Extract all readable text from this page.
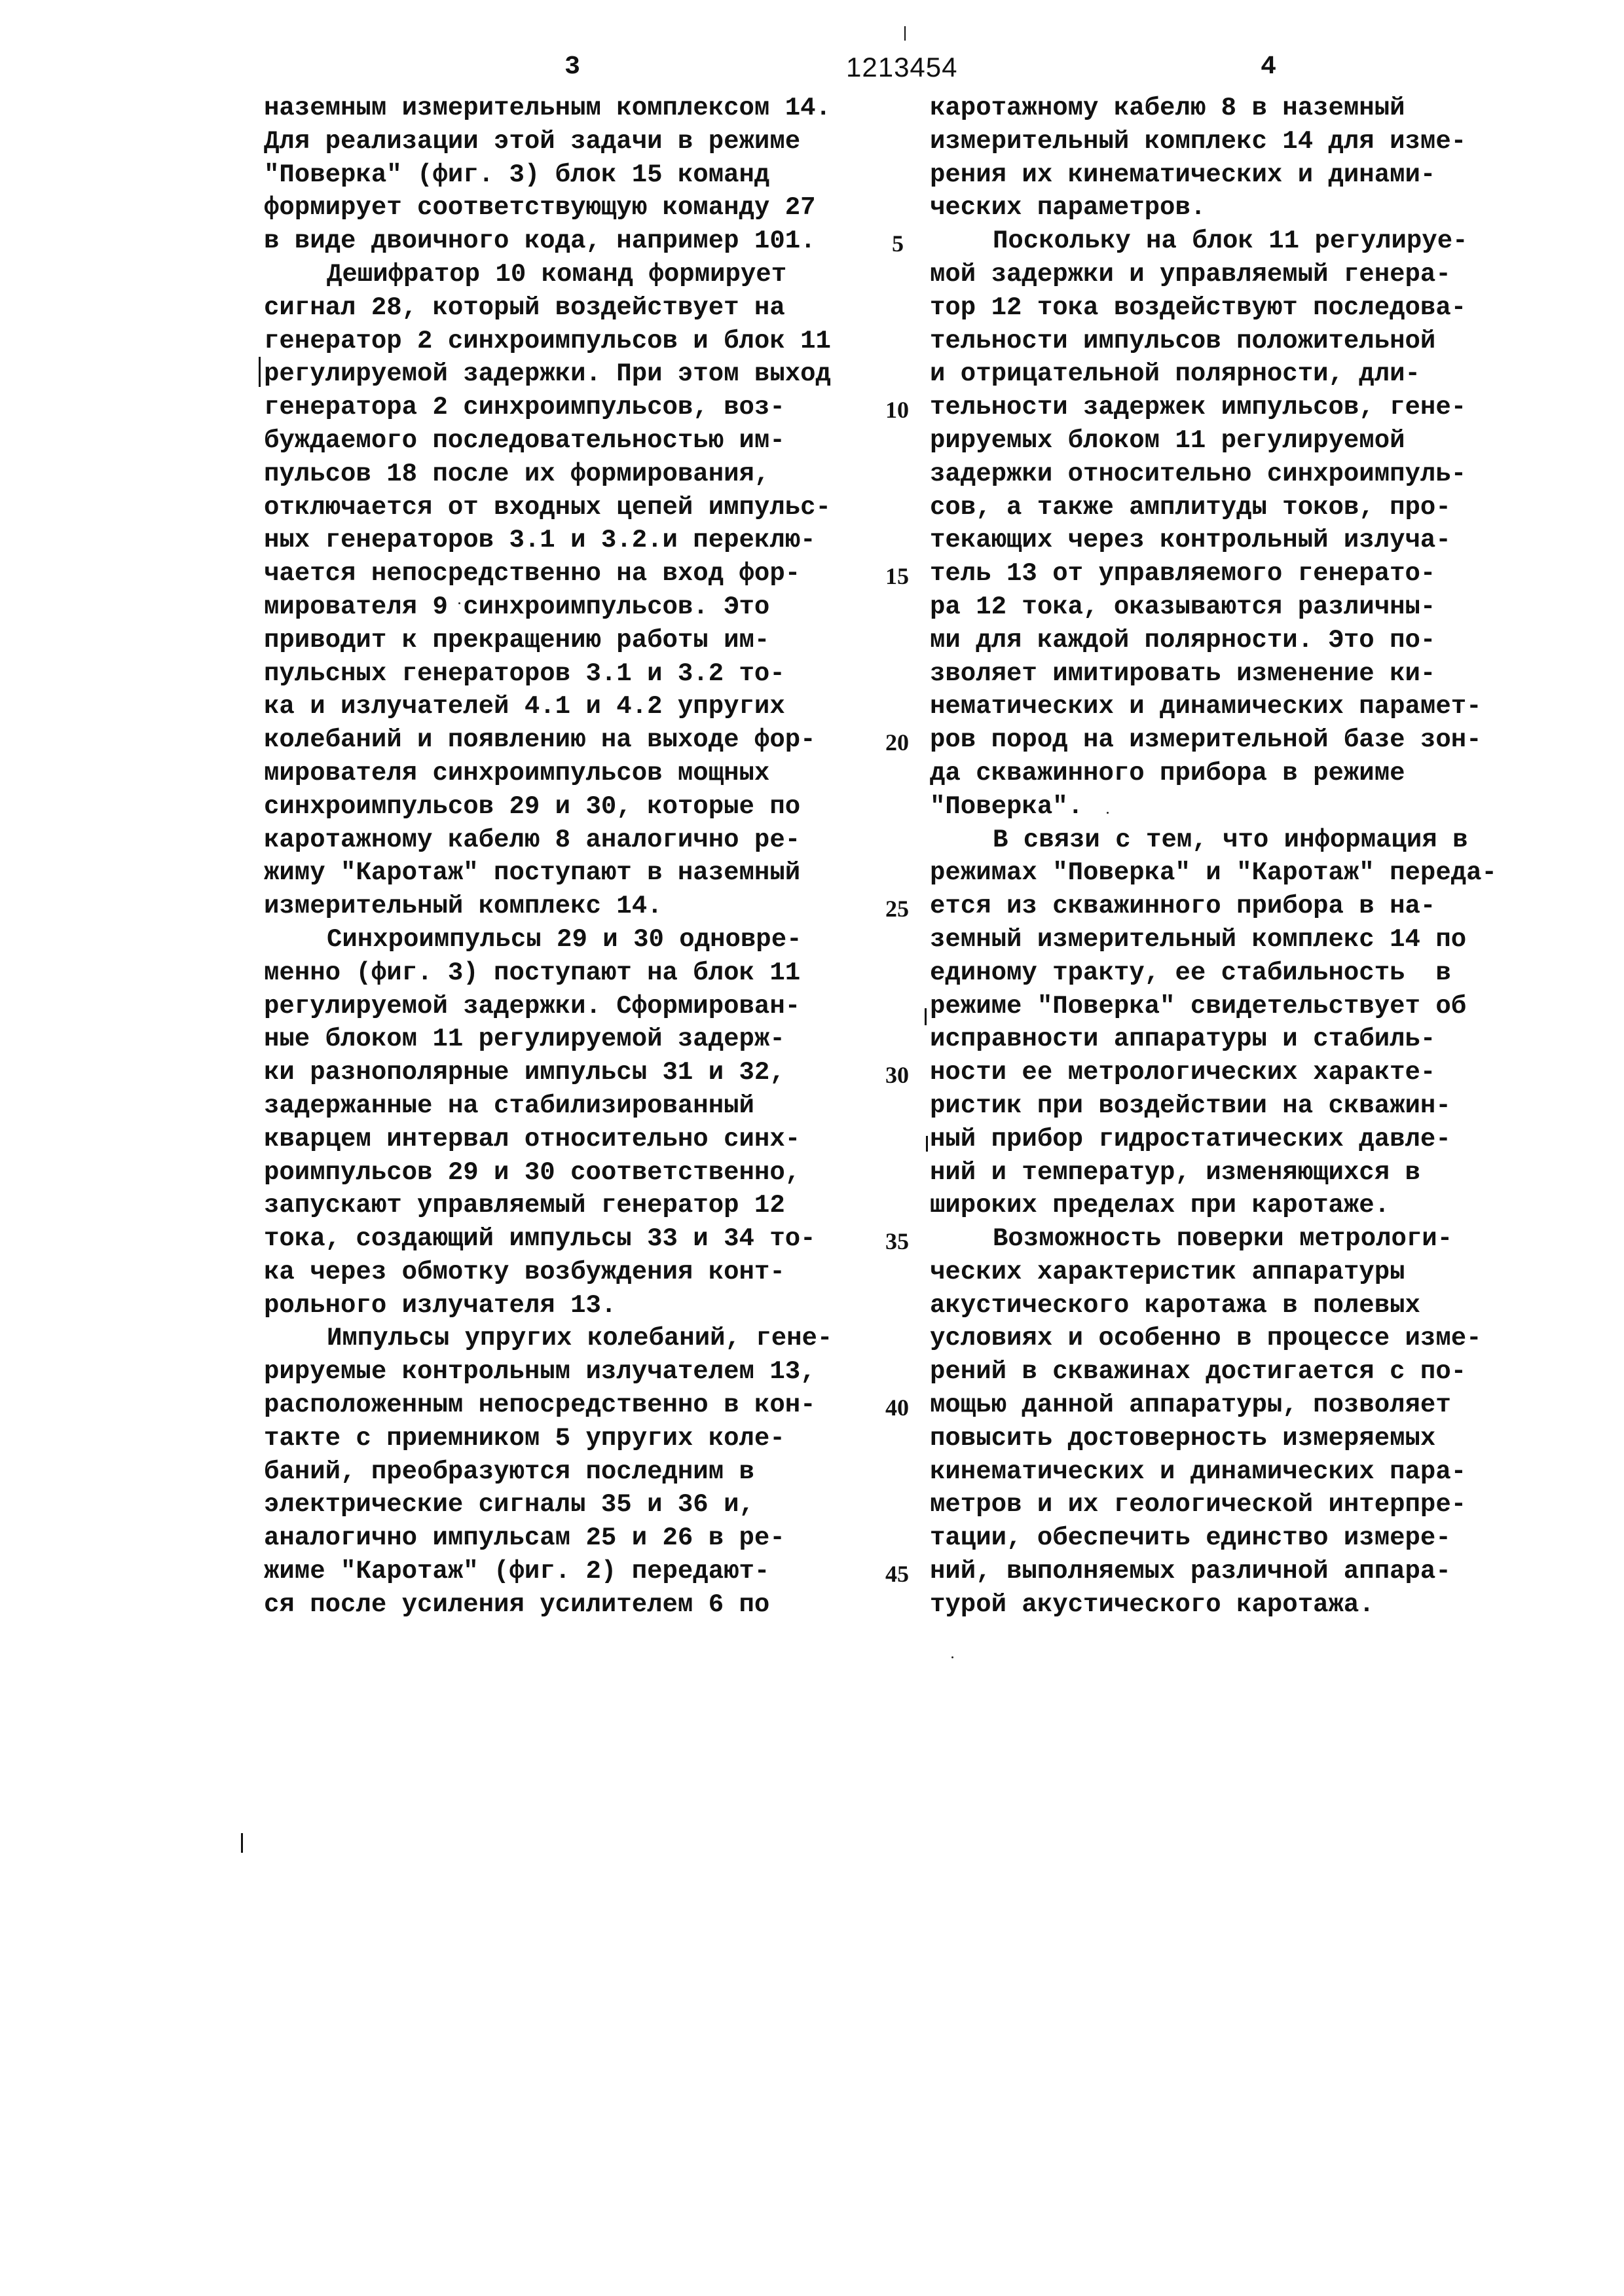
3	1213454	4
наземным измерительным комплексом 14.
Для реализации этой задачи в режиме
"Поверка" (фиг. 3) блок 15 команд
формирует соответствующую команду 27
в виде двоичного кода, например 101.
Дешифратор 10 команд формирует
сигнал 28, который воздействует на
генератор 2 синхроимпульсов и блок 11
регулируемой задержки. При этом выход
генератора 2 синхроимпульсов, воз-
буждаемого последовательностью им-
пульсов 18 после их формирования,
отключается от входных цепей импульс-
ных генераторов 3.1 и 3.2.и переклю-
чается непосредственно на вход фор-
мирователя 9 синхроимпульсов. Это
приводит к прекращению работы им-
пульсных генераторов 3.1 и 3.2 то-
ка и излучателей 4.1 и 4.2 упругих
колебаний и появлению на выходе фор-
мирователя синхроимпульсов мощных
синхроимпульсов 29 и 30, которые по
каротажному кабелю 8 аналогично ре-
жиму "Каротаж" поступают в наземный
измерительный комплекс 14.
Синхроимпульсы 29 и 30 одновре-
менно (фиг. 3) поступают на блок 11
регулируемой задержки. Сформирован-
ные блоком 11 регулируемой задерж-
ки разнополярные импульсы 31 и 32,
задержанные на стабилизированный
кварцем интервал относительно синх-
роимпульсов 29 и 30 соответственно,
запускают управляемый генератор 12
тока, создающий импульсы 33 и 34 то-
ка через обмотку возбуждения конт-
рольного излучателя 13.
Импульсы упругих колебаний, гене-
рируемые контрольным излучателем 13,
расположенным непосредственно в кон-
такте с приемником 5 упругих коле-
баний, преобразуются последним в
электрические сигналы 35 и 36 и,
аналогично импульсам 25 и 26 в ре-
жиме "Каротаж" (фиг. 2) передают-
ся после усиления усилителем 6 по
каротажному кабелю 8 в наземный
измерительный комплекс 14 для изме-
рения их кинематических и динами-
ческих параметров.
Поскольку на блок 11 регулируе-
мой задержки и управляемый генера-
тор 12 тока воздействуют последова-
тельности импульсов положительной
и отрицательной полярности, дли-
тельности задержек импульсов, гене-
рируемых блоком 11 регулируемой
задержки относительно синхроимпуль-
сов, а также амплитуды токов, про-
текающих через контрольный излуча-
тель 13 от управляемого генерато-
ра 12 тока, оказываются различны-
ми для каждой полярности. Это по-
зволяет имитировать изменение ки-
нематических и динамических парамет-
ров пород на измерительной базе зон-
да скважинного прибора в режиме
"Поверка".
В связи с тем, что информация в
режимах "Поверка" и "Каротаж" переда-
ется из скважинного прибора в на-
земный измерительный комплекс 14 по
единому тракту, ее стабильность  в
режиме "Поверка" свидетельствует об
исправности аппаратуры и стабиль-
ности ее метрологических характе-
ристик при воздействии на скважин-
ный прибор гидростатических давле-
ний и температур, изменяющихся в
широких пределах при каротаже.
Возможность поверки метрологи-
ческих характеристик аппаратуры
акустического каротажа в полевых
условиях и особенно в процессе изме-
рений в скважинах достигается с по-
мощью данной аппаратуры, позволяет
повысить достоверность измеряемых
кинематических и динамических пара-
метров и их геологической интерпре-
тации, обеспечить единство измере-
ний, выполняемых различной аппара-
турой акустического каротажа.
5
10
15
20
25
30
35
40
45
